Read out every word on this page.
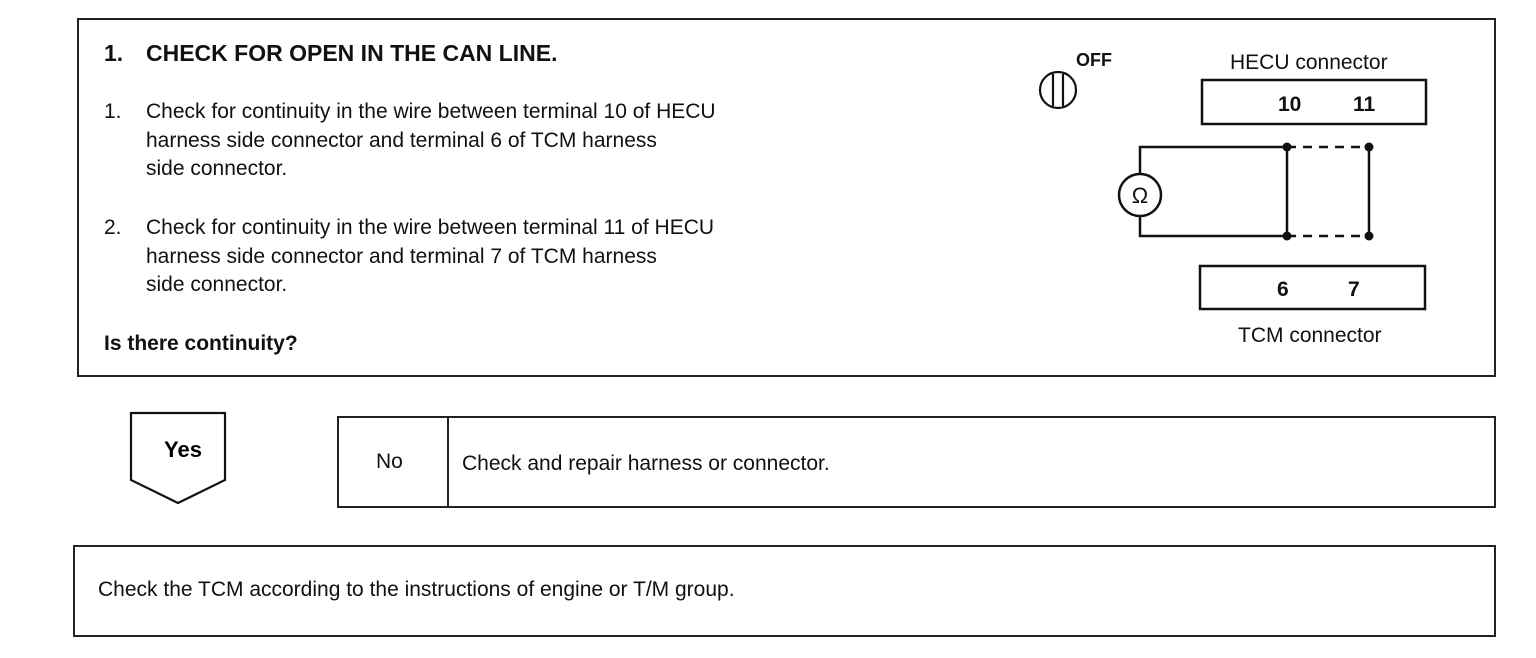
1. CHECK FOR OPEN IN THE CAN LINE.
1. Check for continuity in the wire between terminal 10 of HECU
harness side connector and terminal 6 of TCM harness
side connector.
2. Check for continuity in the wire between terminal 11 of HECU
harness side connector and terminal 7 of TCM harness
side connector.
Is there continuity?
OFF	HECU connector
10 11
Ω
6	7
TCM connector
Yes	No	Check and repair harness or connector.
Check the TCM according to the instructions of engine or T/M group.
